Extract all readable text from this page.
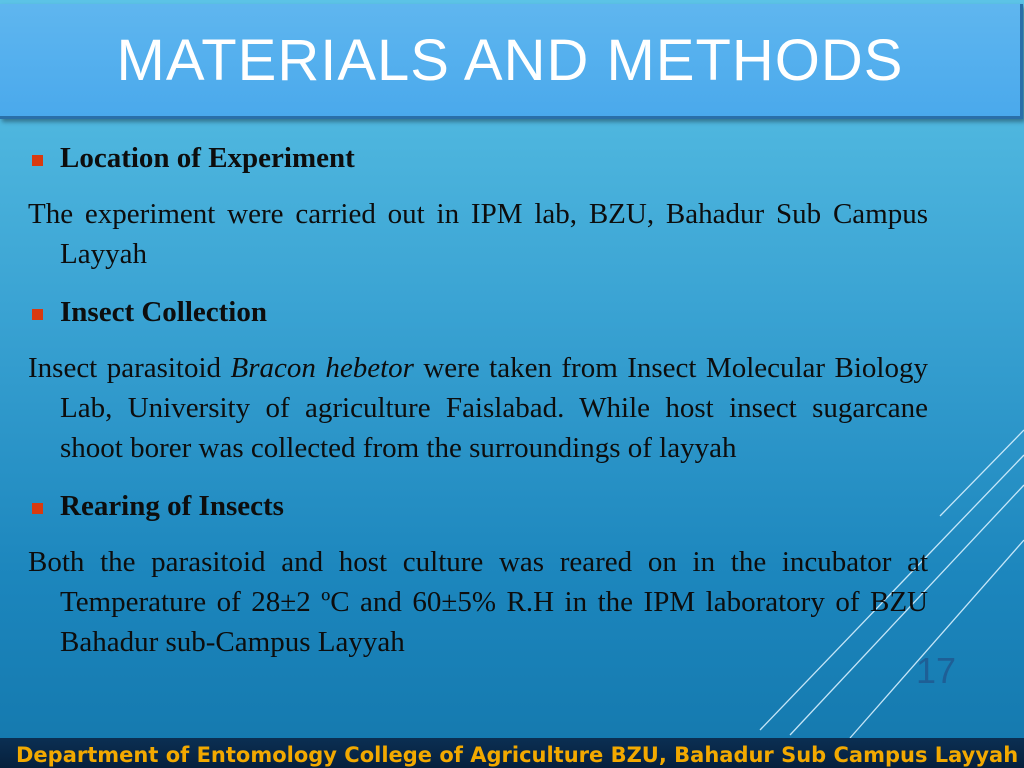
MATERIALS AND METHODS
Location of Experiment
The experiment were carried out in IPM lab, BZU, Bahadur Sub Campus Layyah
Insect Collection
Insect parasitoid Bracon hebetor were taken from Insect Molecular Biology Lab, University of agriculture Faislabad. While host insect sugarcane shoot borer was collected from the surroundings of layyah
Rearing of Insects
Both the parasitoid and host culture was reared on in the incubator at Temperature of 28±2 ºC and 60±5% R.H in the IPM laboratory of BZU Bahadur sub-Campus Layyah
17
Department of Entomology College of Agriculture BZU, Bahadur Sub Campus Layyah
